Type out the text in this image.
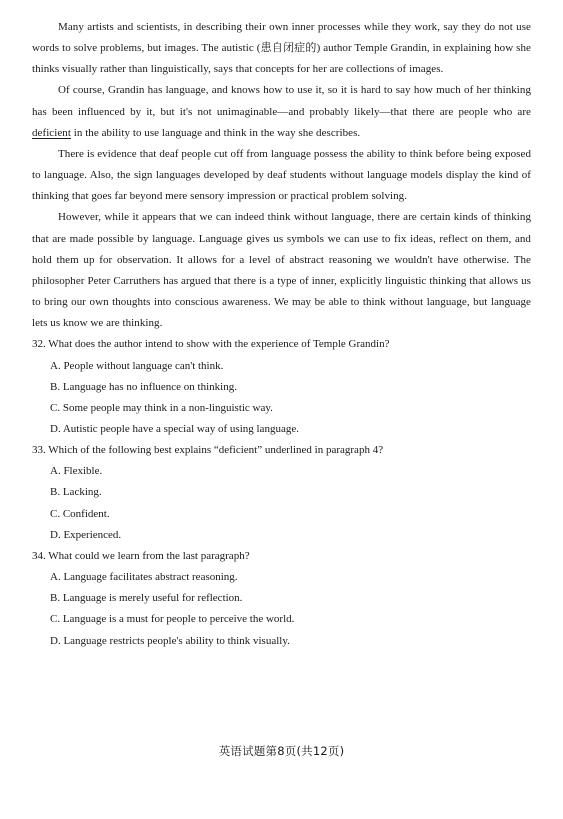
Many artists and scientists, in describing their own inner processes while they work, say they do not use words to solve problems, but images. The autistic (患自闭症的) author Temple Grandin, in explaining how she thinks visually rather than linguistically, says that concepts for her are collections of images.

Of course, Grandin has language, and knows how to use it, so it is hard to say how much of her thinking has been influenced by it, but it's not unimaginable—and probably likely—that there are people who are deficient in the ability to use language and think in the way she describes.

There is evidence that deaf people cut off from language possess the ability to think before being exposed to language. Also, the sign languages developed by deaf students without language models display the kind of thinking that goes far beyond mere sensory impression or practical problem solving.

However, while it appears that we can indeed think without language, there are certain kinds of thinking that are made possible by language. Language gives us symbols we can use to fix ideas, reflect on them, and hold them up for observation. It allows for a level of abstract reasoning we wouldn't have otherwise. The philosopher Peter Carruthers has argued that there is a type of inner, explicitly linguistic thinking that allows us to bring our own thoughts into conscious awareness. We may be able to think without language, but language lets us know we are thinking.

32. What does the author intend to show with the experience of Temple Grandin?

A. People without language can't think.

B. Language has no influence on thinking.

C. Some people may think in a non-linguistic way.

D. Autistic people have a special way of using language.

33. Which of the following best explains “deficient” underlined in paragraph 4?

A. Flexible.

B. Lacking.

C. Confident.

D. Experienced.

34. What could we learn from the last paragraph?

A. Language facilitates abstract reasoning.

B. Language is merely useful for reflection.

C. Language is a must for people to perceive the world.

D. Language restricts people's ability to think visually.

英语试题第8页(共12页)
